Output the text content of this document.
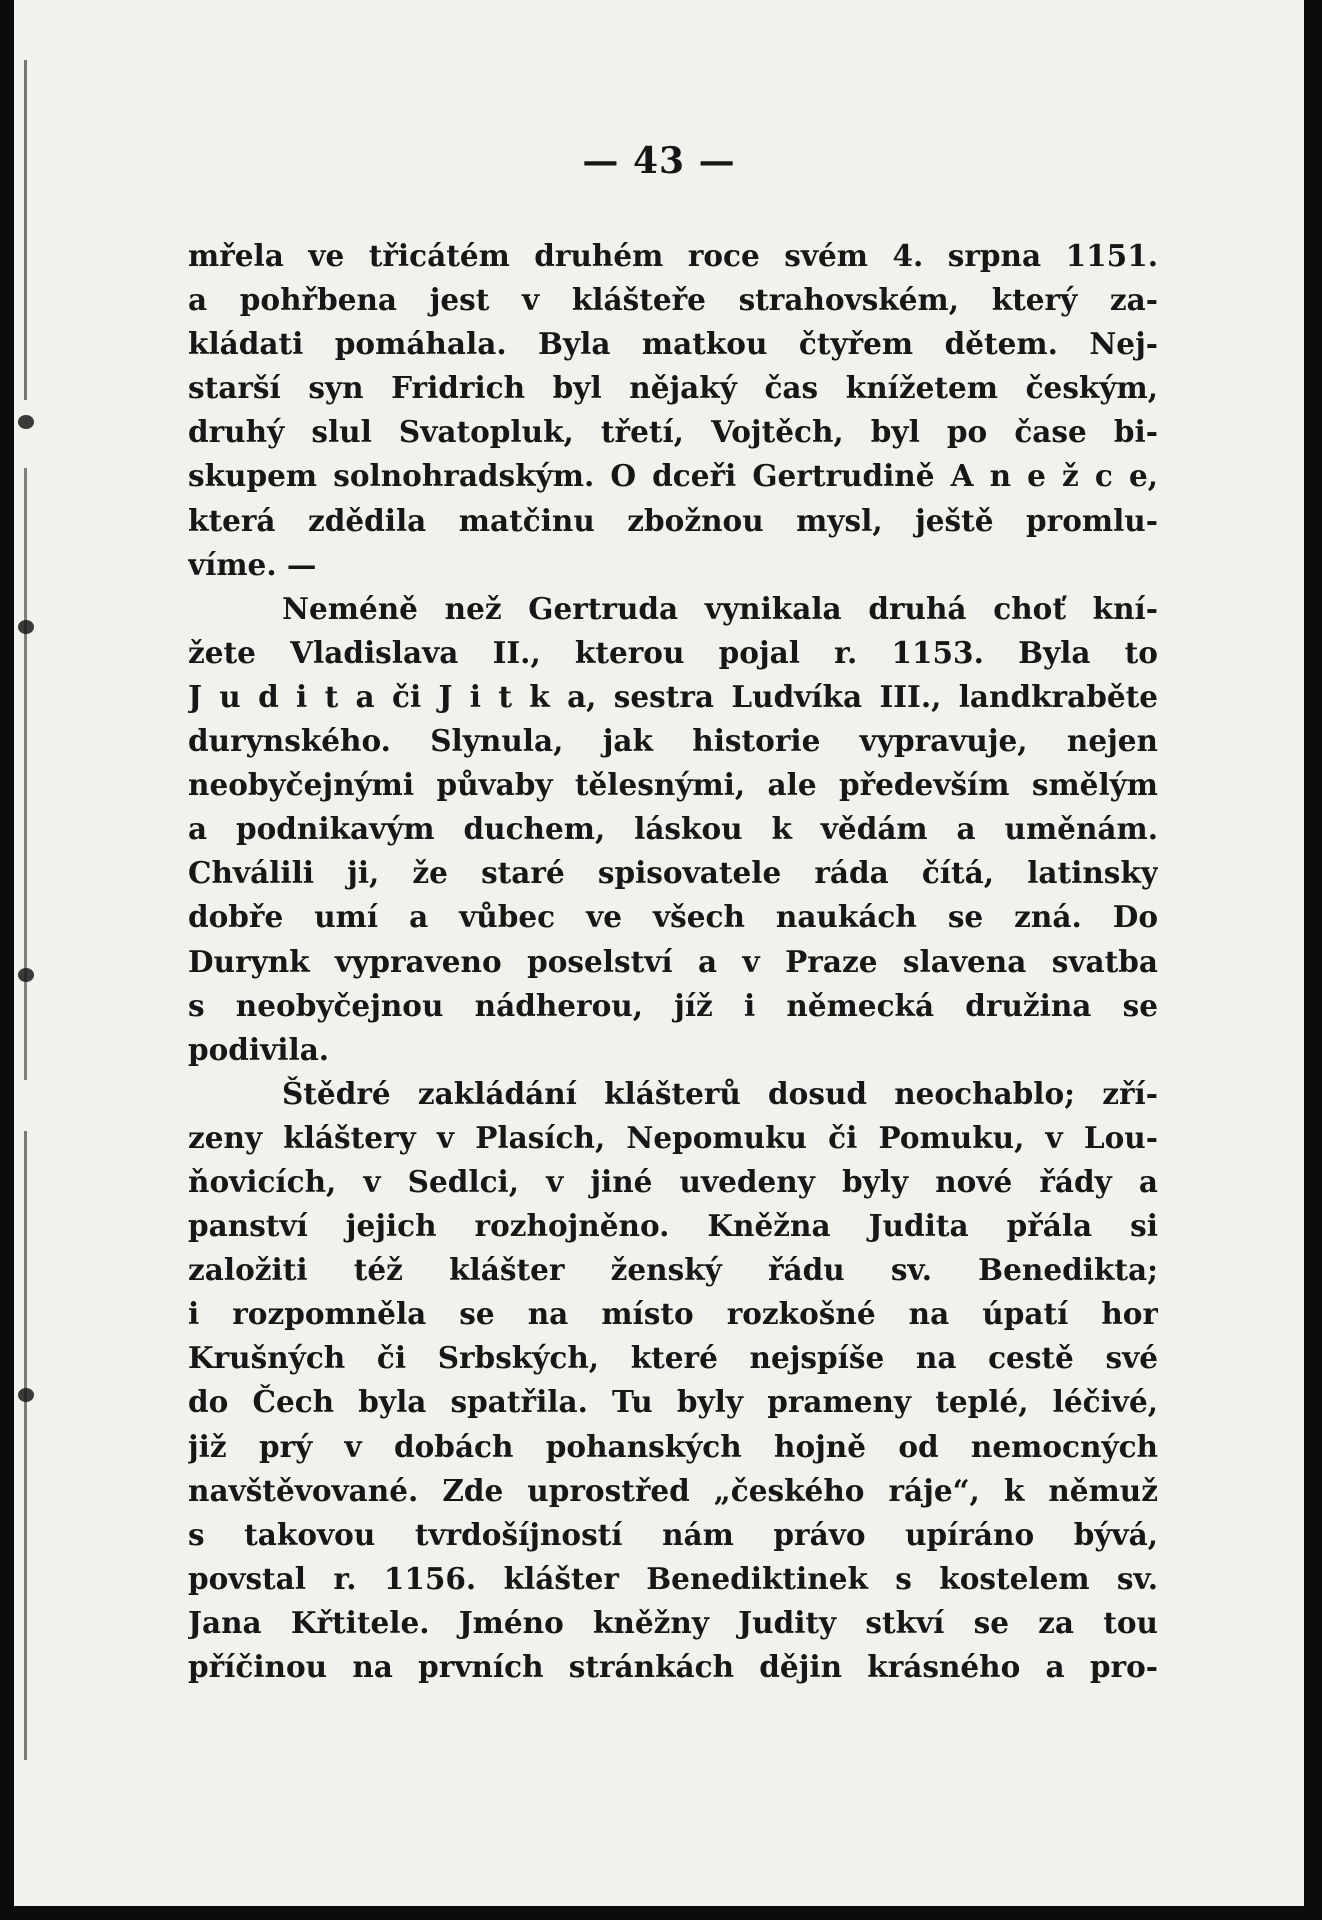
— 43 —
mřela ve třicátém druhém roce svém 4. srpna 1151.
a pohřbena jest v klášteře strahovském, který za-
kládati pomáhala. Byla matkou čtyřem dětem. Nej-
starší syn Fridrich byl nějaký čas knížetem českým,
druhý slul Svatopluk, třetí, Vojtěch, byl po čase bi-
skupem solnohradským. O dceři Gertrudině A n e ž c e,
která zdědila matčinu zbožnou mysl, ještě promlu-
víme. —
Neméně než Gertruda vynikala druhá choť kní-
žete Vladislava II., kterou pojal r. 1153. Byla to
J u d i t a či J i t k a, sestra Ludvíka III., landkraběte
durynského. Slynula, jak historie vypravuje, nejen
neobyčejnými půvaby tělesnými, ale především smělým
a podnikavým duchem, láskou k vědám a uměnám.
Chválili ji, že staré spisovatele ráda čítá, latinsky
dobře umí a vůbec ve všech naukách se zná. Do
Durynk vypraveno poselství a v Praze slavena svatba
s neobyčejnou nádherou, jíž i německá družina se
podivila.
Štědré zakládání klášterů dosud neochablo; zří-
zeny kláštery v Plasích, Nepomuku či Pomuku, v Lou-
ňovicích, v Sedlci, v jiné uvedeny byly nové řády a
panství jejich rozhojněno. Kněžna Judita přála si
založiti též klášter ženský řádu sv. Benedikta;
i rozpomněla se na místo rozkošné na úpatí hor
Krušných či Srbských, které nejspíše na cestě své
do Čech byla spatřila. Tu byly prameny teplé, léčivé,
již prý v dobách pohanských hojně od nemocných
navštěvované. Zde uprostřed „českého ráje“, k němuž
s takovou tvrdošíjností nám právo upíráno bývá,
povstal r. 1156. klášter Benediktinek s kostelem sv.
Jana Křtitele. Jméno kněžny Judity stkví se za tou
příčinou na prvních stránkách dějin krásného a pro-
